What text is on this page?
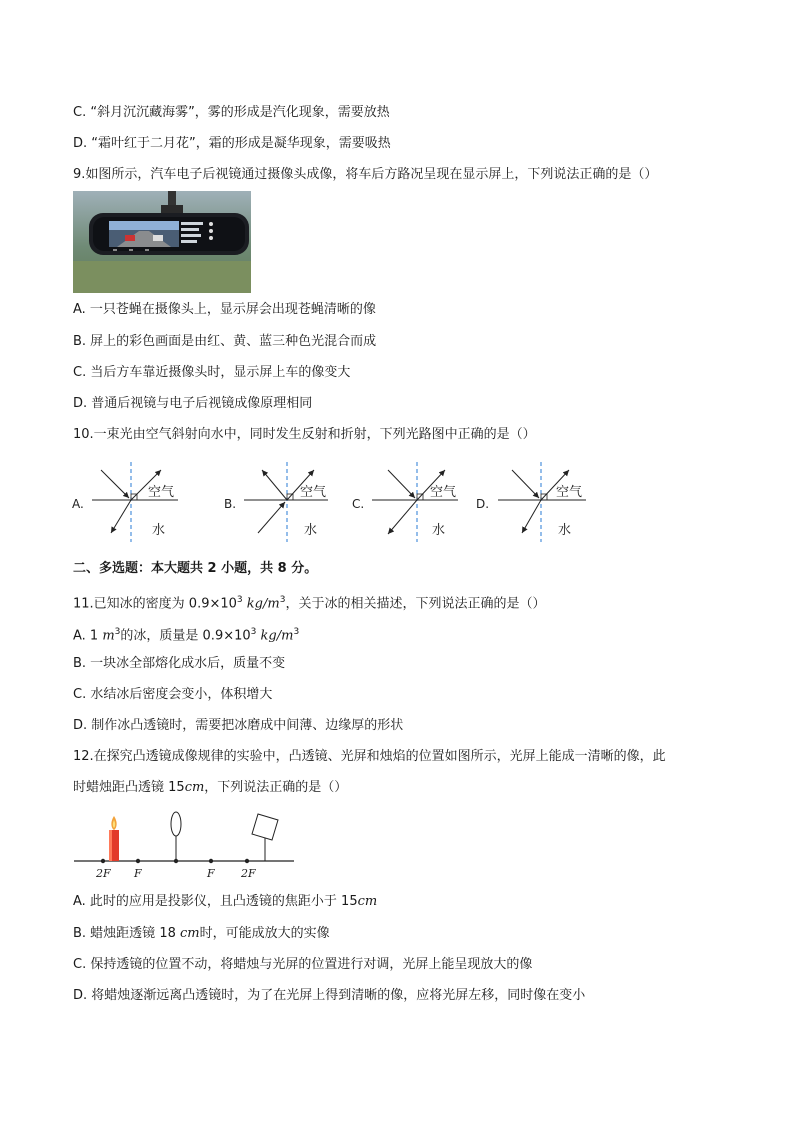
C. “斜月沉沉藏海雾”，雾的形成是汽化现象，需要放热
D. “霜叶红于二月花”，霜的形成是凝华现象，需要吸热
9.如图所示，汽车电子后视镜通过摄像头成像，将车后方路况呈现在显示屏上，下列说法正确的是（）
A. 一只苍蝇在摄像头上，显示屏会出现苍蝇清晰的像
B. 屏上的彩色画面是由红、黄、蓝三种色光混合而成
C. 当后方车靠近摄像头时，显示屏上车的像变大
D. 普通后视镜与电子后视镜成像原理相同
10.一束光由空气斜射向水中，同时发生反射和折射，下列光路图中正确的是（）
A.
空气
水
B.
空气
水
C.
空气
水
D.
空气
水
二、多选题：本大题共 2 小题，共 8 分。
11.已知冰的密度为 $0.9\times 10^3$ $kg/m^3$，关于冰的相关描述，下列说法正确的是（）
A. 1 $m^3$的冰，质量是 $0.9\times 10^3$ $kg/m^3$
B. 一块冰全部熔化成水后，质量不变
C. 水结冰后密度会变小，体积增大
D. 制作冰凸透镜时，需要把冰磨成中间薄、边缘厚的形状
12.在探究凸透镜成像规律的实验中，凸透镜、光屏和烛焰的位置如图所示，光屏上能成一清晰的像，此
时蜡烛距凸透镜 15cm，下列说法正确的是（）
2F F	F 2F
A. 此时的应用是投影仪，且凸透镜的焦距小于 15cm
B. 蜡烛距透镜 18 cm时，可能成放大的实像
C. 保持透镜的位置不动，将蜡烛与光屏的位置进行对调，光屏上能呈现放大的像
D. 将蜡烛逐渐远离凸透镜时，为了在光屏上得到清晰的像，应将光屏左移，同时像在变小
